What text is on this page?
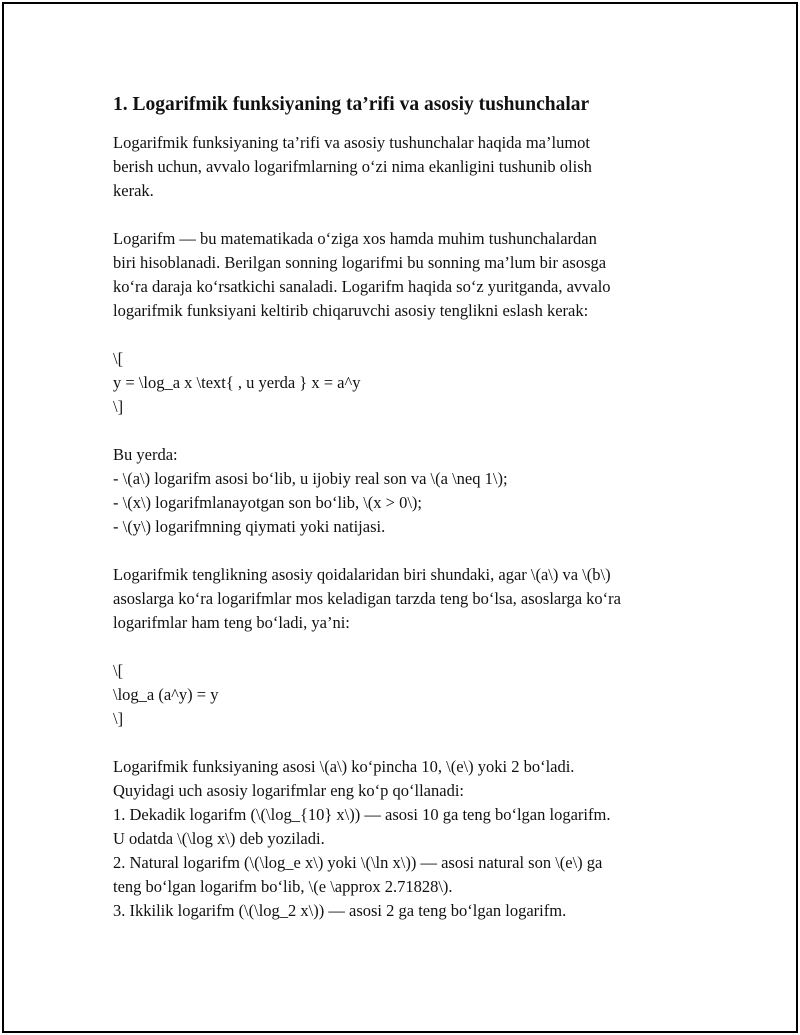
1. Logarifmik funksiyaning ta’rifi va asosiy tushunchalar
Logarifmik funksiyaning ta’rifi va asosiy tushunchalar haqida ma’lumot
berish uchun, avvalo logarifmlarning o‘zi nima ekanligini tushunib olish
kerak.
Logarifm — bu matematikada o‘ziga xos hamda muhim tushunchalardan
biri hisoblanadi. Berilgan sonning logarifmi bu sonning ma’lum bir asosga
ko‘ra daraja ko‘rsatkichi sanaladi. Logarifm haqida so‘z yuritganda, avvalo
logarifmik funksiyani keltirib chiqaruvchi asosiy tenglikni eslash kerak:
\[
y = \log_a x \text{ , u yerda } x = a^y
\]
Bu yerda:
- \(a\) logarifm asosi bo‘lib, u ijobiy real son va \(a \neq 1\);
- \(x\) logarifmlanayotgan son bo‘lib, \(x > 0\);
- \(y\) logarifmning qiymati yoki natijasi.
Logarifmik tenglikning asosiy qoidalaridan biri shundaki, agar \(a\) va \(b\)
asoslarga ko‘ra logarifmlar mos keladigan tarzda teng bo‘lsa, asoslarga ko‘ra
logarifmlar ham teng bo‘ladi, ya’ni:
\[
\log_a (a^y) = y
\]
Logarifmik funksiyaning asosi \(a\) ko‘pincha 10, \(e\) yoki 2 bo‘ladi.
Quyidagi uch asosiy logarifmlar eng ko‘p qo‘llanadi:
1. Dekadik logarifm (\(\log_{10} x\)) — asosi 10 ga teng bo‘lgan logarifm.
U odatda \(\log x\) deb yoziladi.
2. Natural logarifm (\(\log_e x\) yoki \(\ln x\)) — asosi natural son \(e\) ga
teng bo‘lgan logarifm bo‘lib, \(e \approx 2.71828\).
3. Ikkilik logarifm (\(\log_2 x\)) — asosi 2 ga teng bo‘lgan logarifm.
